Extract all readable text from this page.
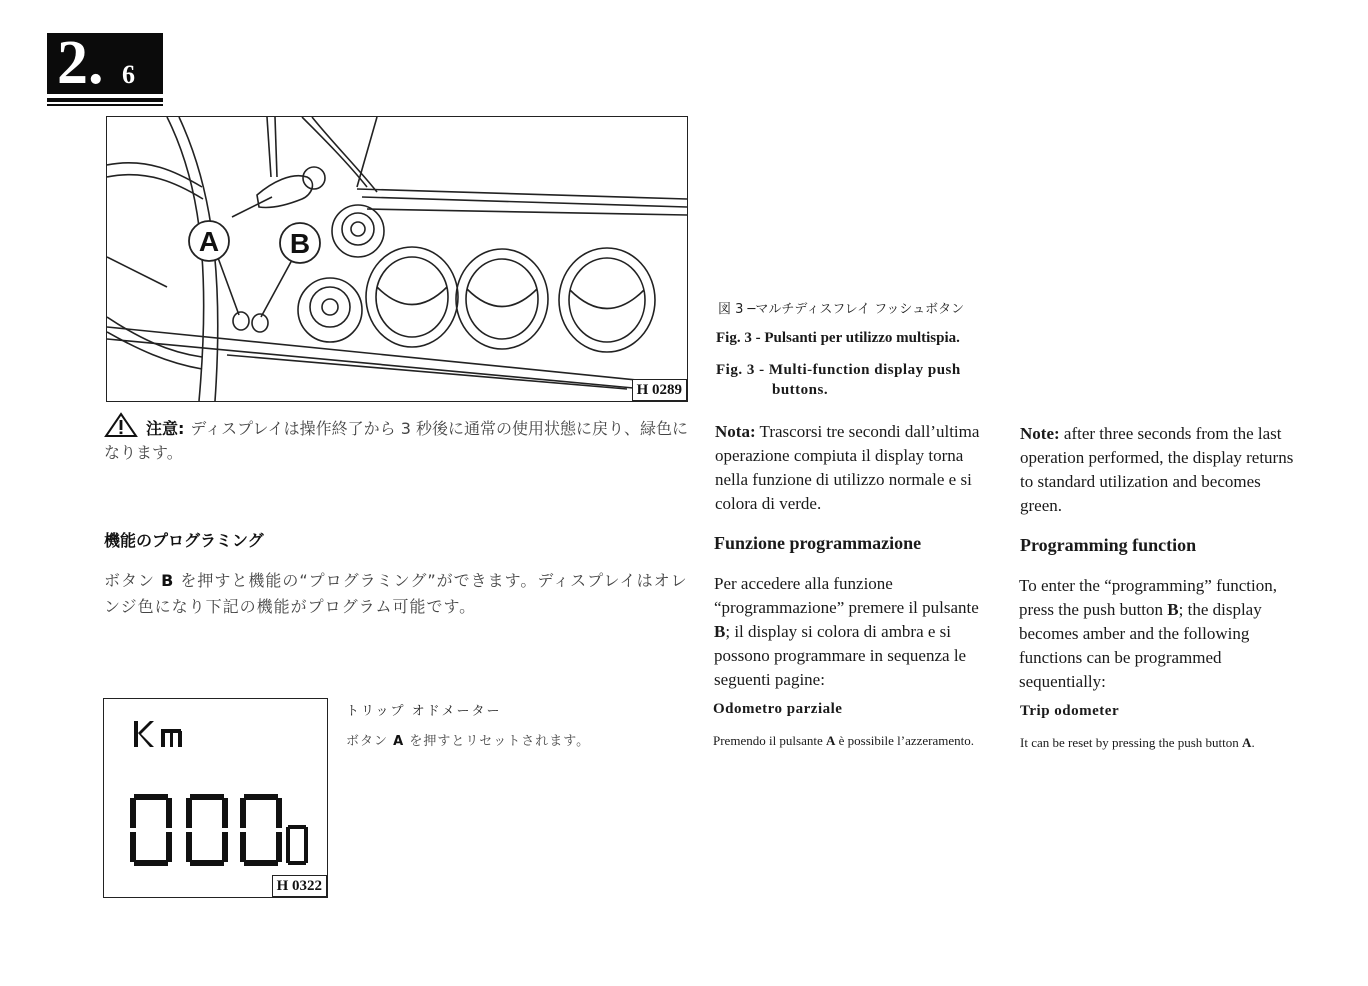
2. 6
A	B
H 0289
注意: ディスプレイは操作終了から 3 秒後に通常の使用状態に戻り、緑色になります。
機能のプログラミング
ボタン B を押すと機能の“プログラミング”ができます。ディスプレイはオレンジ色になり下記の機能がプログラム可能です。
H 0322
トリップ オドメーター
ボタン A を押すとリセットされます。
図 3 ─マルチディスフレイ フッシュボタン
Fig. 3 - Pulsanti per utilizzo multispia.
Fig. 3 - Multi-function display push
buttons.
Nota: Trascorsi tre secondi dall’ultima operazione compiuta il display torna nella funzione di utilizzo normale e si colora di verde.
Funzione programmazione
Per accedere alla funzione “programmazione” premere il pulsante B; il display si colora di ambra e si possono programmare in sequenza le seguenti pagine:
Odometro parziale
Premendo il pulsante A è possibile l’azzeramento.
Note: after three seconds from the last operation performed, the display returns to standard utilization and becomes green.
Programming function
To enter the “programming” function, press the push button B; the display becomes amber and the following functions can be programmed sequentially:
Trip odometer
It can be reset by pressing the push button A.
